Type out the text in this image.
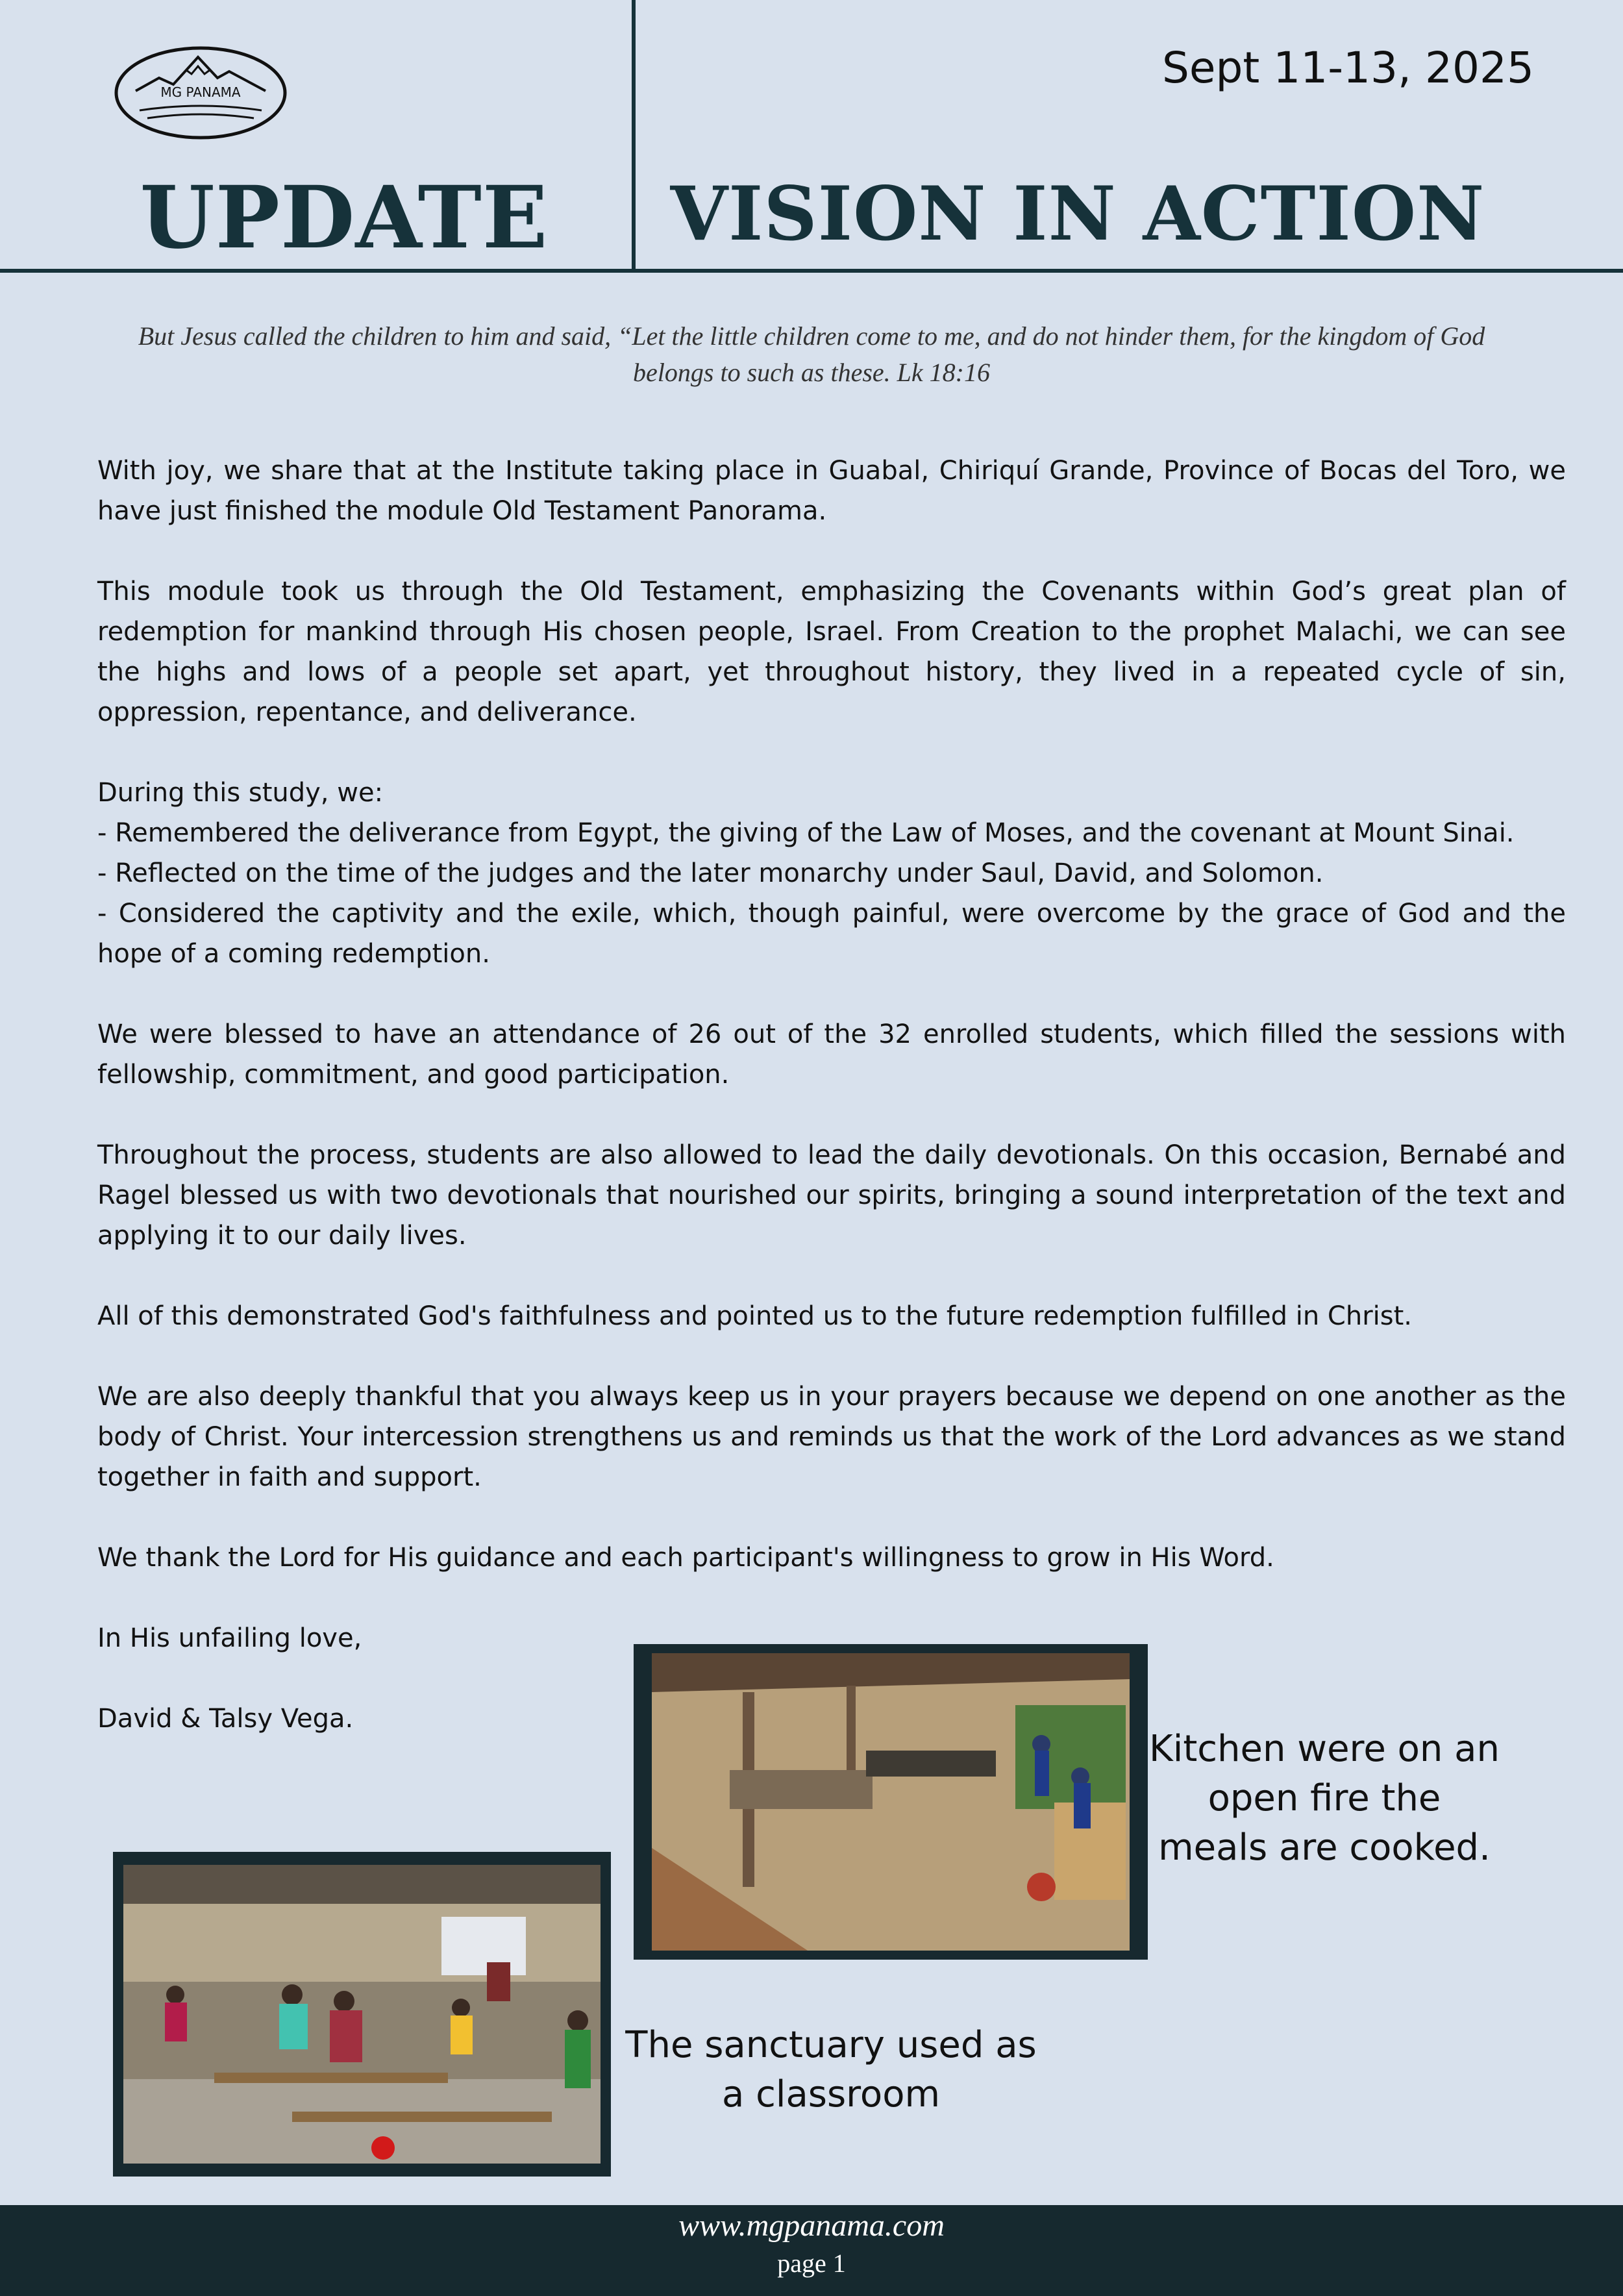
MG PANAMA	Sept 11-13, 2025
UPDATE	VISION IN ACTION
But Jesus called the children to him and said, “Let the little children come to me, and do not hinder them, for the kingdom of God belongs to such as these. Lk 18:16

With joy, we share that at the Institute taking place in Guabal, Chiriquí Grande, Province of Bocas del Toro, we have just finished the module Old Testament Panorama.

This module took us through the Old Testament, emphasizing the Covenants within God’s great plan of redemption for mankind through His chosen people, Israel. From Creation to the prophet Malachi, we can see the highs and lows of a people set apart, yet throughout history, they lived in a repeated cycle of sin, oppression, repentance, and deliverance.

During this study, we:

- Remembered the deliverance from Egypt, the giving of the Law of Moses, and the covenant at Mount Sinai.

- Reflected on the time of the judges and the later monarchy under Saul, David, and Solomon.

- Considered the captivity and the exile, which, though painful, were overcome by the grace of God and the hope of a coming redemption.

We were blessed to have an attendance of 26 out of the 32 enrolled students, which filled the sessions with fellowship, commitment, and good participation.

Throughout the process, students are also allowed to lead the daily devotionals. On this occasion, Bernabé and Ragel blessed us with two devotionals that nourished our spirits, bringing a sound interpretation of the text and applying it to our daily lives.

All of this demonstrated God's faithfulness and pointed us to the future redemption fulfilled in Christ.

We are also deeply thankful that you always keep us in your prayers because we depend on one another as the body of Christ. Your intercession strengthens us and reminds us that the work of the Lord advances as we stand together in faith and support.

We thank the Lord for His guidance and each participant's willingness to grow in His Word.

In His unfailing love,

David & Talsy Vega.

Kitchen were on an open fire the meals are cooked.
The sanctuary used as a classroom
www.mgpanama.com
page 1
